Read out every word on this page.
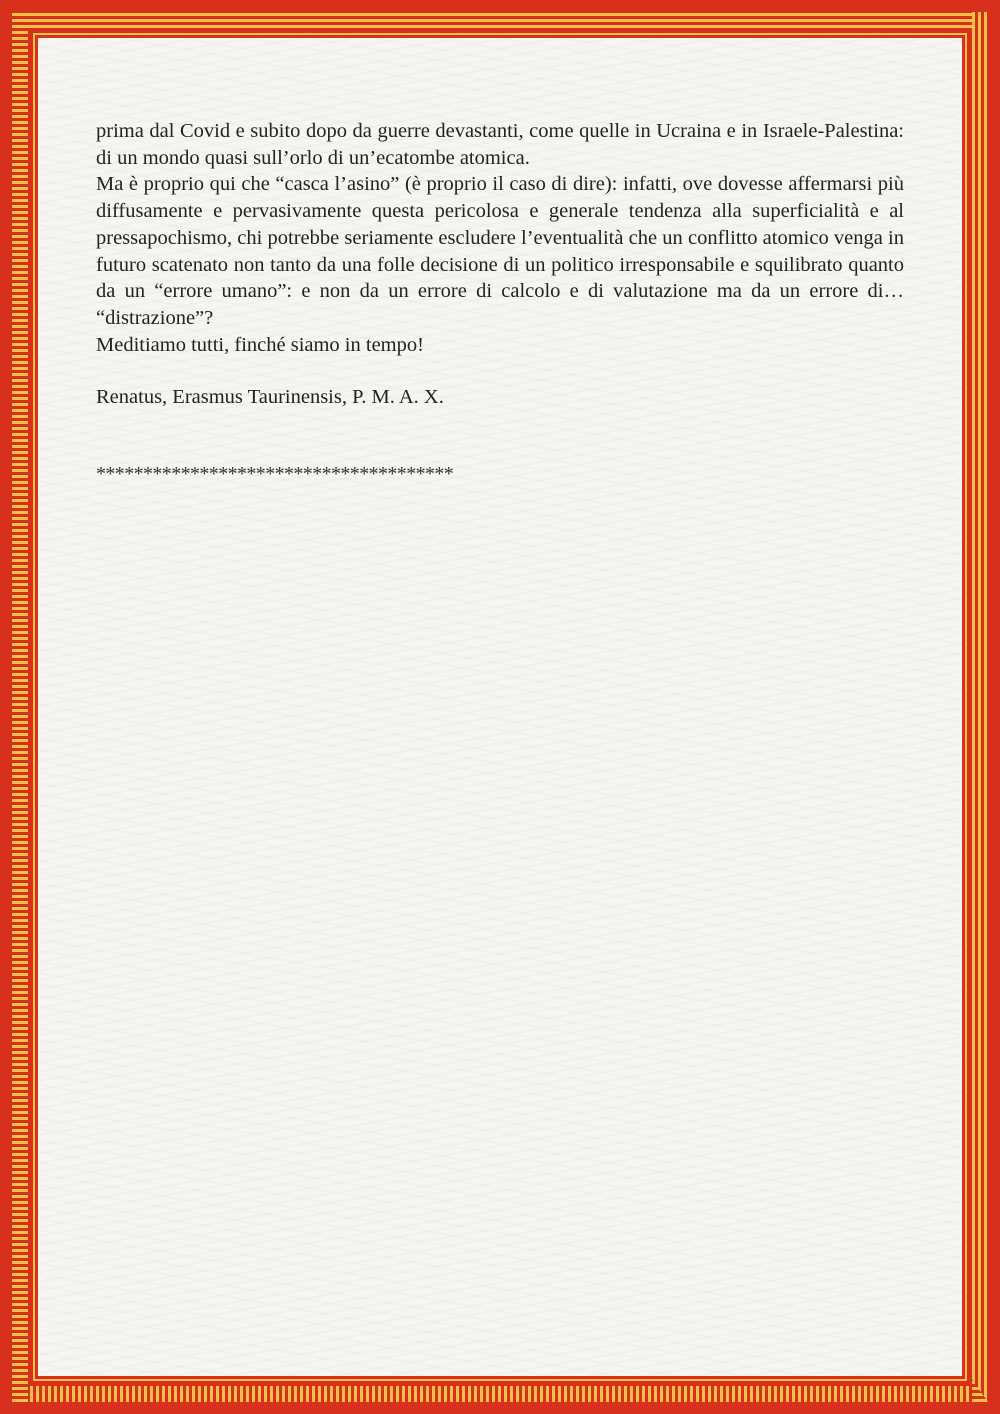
prima dal Covid e subito dopo da guerre devastanti, come quelle in Ucraina e in Israele-Palestina: di un mondo quasi sull’orlo di un’ecatombe atomica.

Ma è proprio qui che “casca l’asino” (è proprio il caso di dire): infatti, ove dovesse affermarsi più diffusamente e pervasivamente questa pericolosa e generale tendenza alla superficialità e al pressapochismo, chi potrebbe seriamente escludere l’eventualità che un conflitto atomico venga in futuro scatenato non tanto da una folle decisione di un politico irresponsabile e squilibrato quanto da un “errore umano”: e non da un errore di calcolo e di valutazione ma da un errore di… “distrazione”?

Meditiamo tutti, finché siamo in tempo!

Renatus, Erasmus Taurinensis, P. M. A. X.
**************************************
